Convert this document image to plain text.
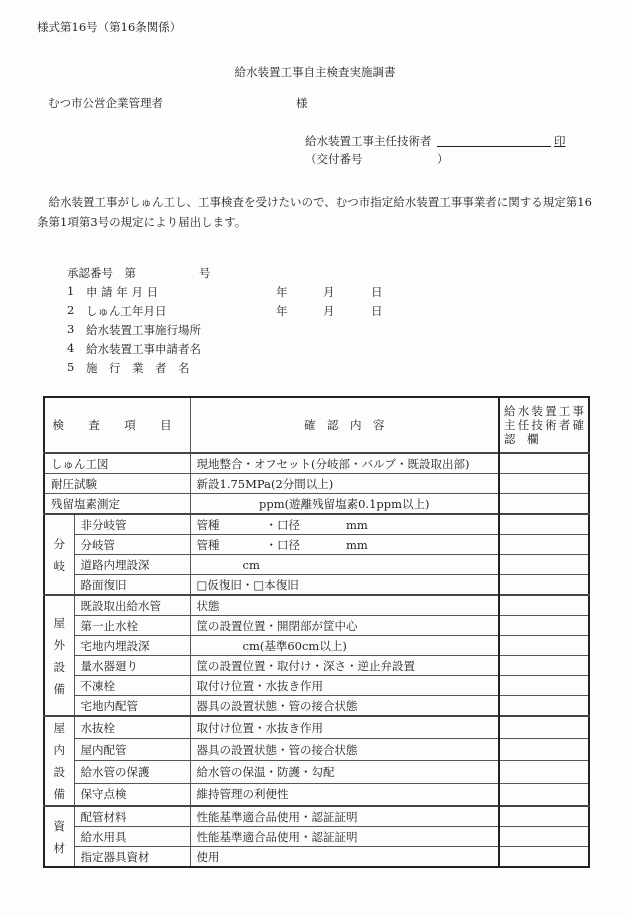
様式第16号（第16条関係）
給水装置工事自主検査実施調書
むつ市公営企業管理者	様
給水装置工事主任技術者	印
（交付番号	）
給水装置工事がしゅん工し、工事検査を受けたいので、むつ市指定給水装置工事事業者に関する規定第16条第1項第3号の規定により届出します。
承認番号　第	号
1 申 請 年 月 日	年	月	日
2 しゅん工年月日	年	月	日
3 給水装置工事施行場所
4 給水装置工事申請者名
5 施　行　業　者　名
検 査 項 目		確　認　内　容	給水装置工事主任技術者確　認　欄
しゅん工図		現地整合・オフセット(分岐部・バルブ・既設取出部)	
耐圧試験		新設1.75MPa(2分間以上)	
残留塩素測定		ppm(遊離残留塩素0.1ppm以上)	

分
岐	非分岐管	管種　　　　・口径　　　　mm	
	分岐管	管種　　　　・口径　　　　mm	
	道路内埋設深	　　　　cm	
	路面復旧	□仮復旧・□本復旧	

屋
外
設
備	既設取出給水管	状態	
	第一止水栓	筐の設置位置・開閉部が筐中心	
	宅地内埋設深	　　　　cm(基準60cm以上)	
	量水器廻り	筐の設置位置・取付け・深さ・逆止弁設置	
	不凍栓	取付け位置・水抜き作用	
	宅地内配管	器具の設置状態・管の接合状態	

屋
内
設
備	水抜栓	取付け位置・水抜き作用	
	屋内配管	器具の設置状態・管の接合状態	
	給水管の保護	給水管の保温・防護・勾配	
	保守点検	維持管理の利便性	

資
材	配管材料	性能基準適合品使用・認証証明	
	給水用具	性能基準適合品使用・認証証明	
	指定器具資材	使用	
